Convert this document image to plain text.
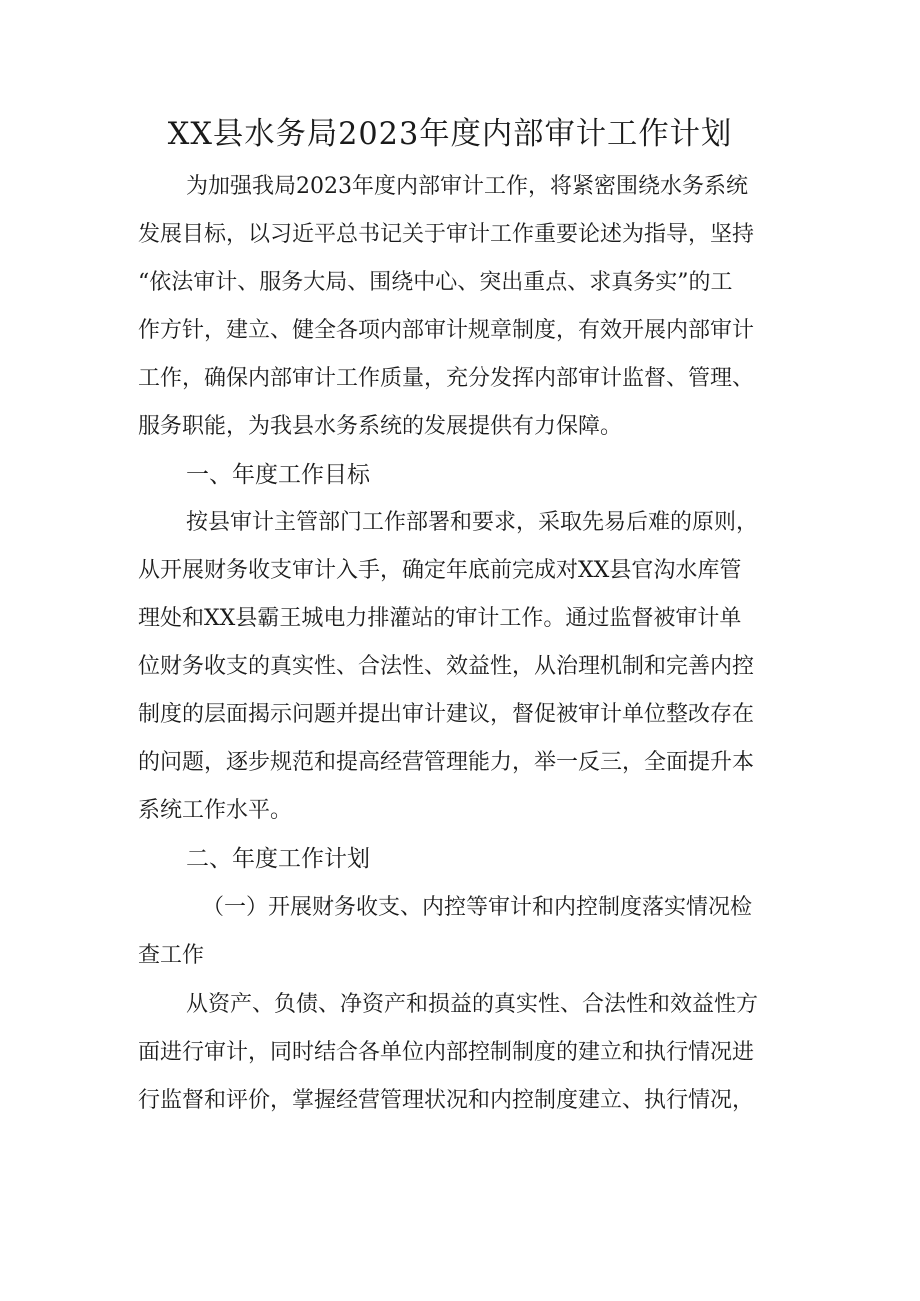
XX县水务局2023年度内部审计工作计划
为加强我局2023年度内部审计工作，将紧密围绕水务系统
发展目标，以习近平总书记关于审计工作重要论述为指导，坚持
“依法审计、服务大局、围绕中心、突出重点、求真务实”的工
作方针，建立、健全各项内部审计规章制度，有效开展内部审计
工作，确保内部审计工作质量，充分发挥内部审计监督、管理、
服务职能，为我县水务系统的发展提供有力保障。
一、年度工作目标
按县审计主管部门工作部署和要求，采取先易后难的原则，
从开展财务收支审计入手，确定年底前完成对XX县官沟水库管
理处和XX县霸王城电力排灌站的审计工作。通过监督被审计单
位财务收支的真实性、合法性、效益性，从治理机制和完善内控
制度的层面揭示问题并提出审计建议，督促被审计单位整改存在
的问题，逐步规范和提高经营管理能力，举一反三，全面提升本
系统工作水平。
二、年度工作计划
（一）开展财务收支、内控等审计和内控制度落实情况检
查工作
从资产、负债、净资产和损益的真实性、合法性和效益性方
面进行审计，同时结合各单位内部控制制度的建立和执行情况进
行监督和评价，掌握经营管理状况和内控制度建立、执行情况，
